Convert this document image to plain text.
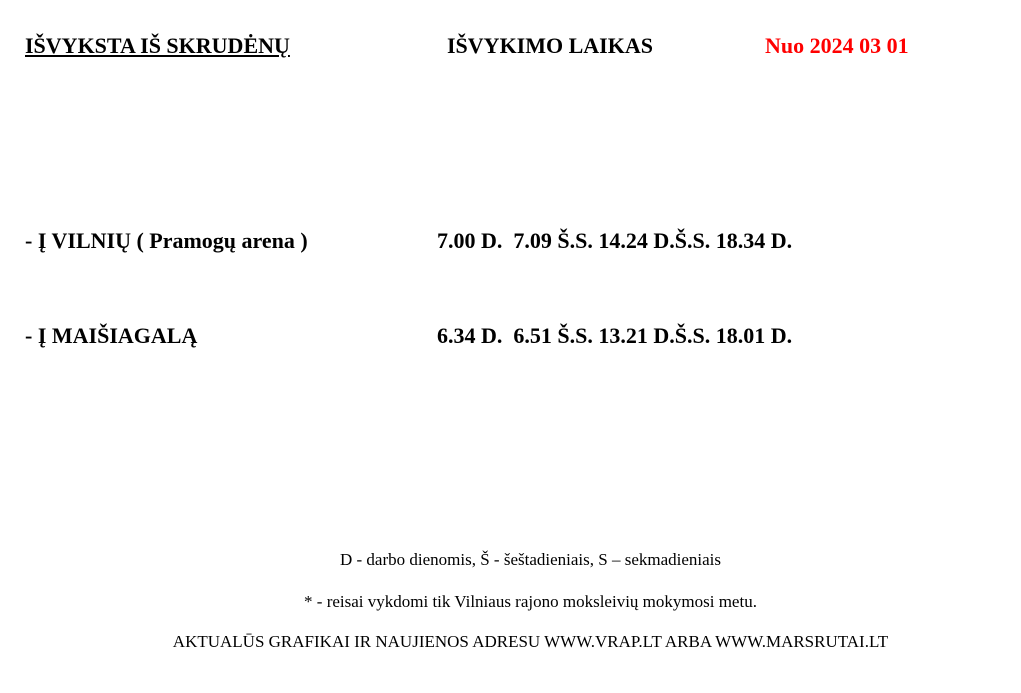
IŠVYKSTA IŠ SKRUDĖNŲ	IŠVYKIMO LAIKAS	Nuo 2024 03 01
- Į VILNIŲ ( Pramogų arena )	7.00 D.  7.09 Š.S. 14.24 D.Š.S. 18.34 D.
- Į MAIŠIAGALĄ	6.34 D.  6.51 Š.S. 13.21 D.Š.S. 18.01 D.
D - darbo dienomis, Š - šeštadieniais, S – sekmadieniais
* - reisai vykdomi tik Vilniaus rajono moksleivių mokymosi metu.
AKTUALŪS GRAFIKAI IR NAUJIENOS ADRESU WWW.VRAP.LT ARBA WWW.MARSRUTAI.LT
